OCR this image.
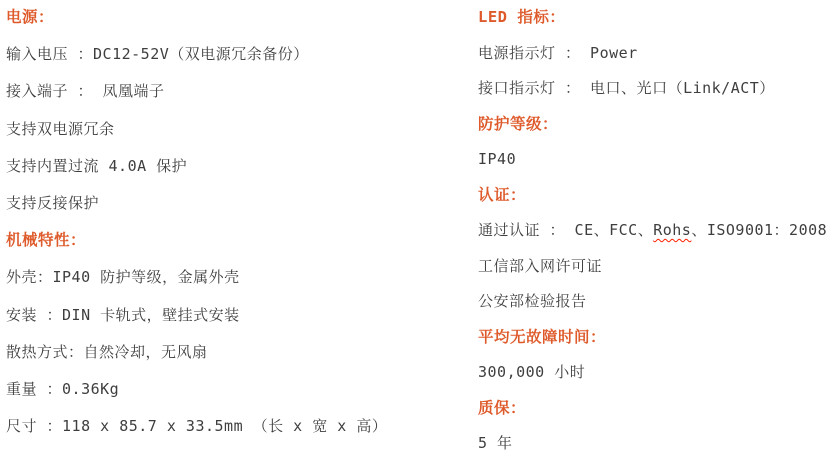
电源：

输入电压 ：DC12-52V（双电源冗余备份）

接入端子 ： 凤凰端子

支持双电源冗余

支持内置过流 4.0A 保护

支持反接保护

机械特性：

外壳：IP40 防护等级，金属外壳

安装 ：DIN 卡轨式，壁挂式安装

散热方式：自然冷却，无风扇

重量 ：0.36Kg

尺寸 ：118 x 85.7 x 33.5mm （长 x 宽 x 高）

LED 指标：

电源指示灯 ： Power

接口指示灯 ： 电口、光口（Link/ACT）

防护等级：

IP40

认证：

通过认证 ： CE、FCC、Rohs、ISO9001：2008

工信部入网许可证

公安部检验报告

平均无故障时间：

300,000 小时

质保：

5 年
